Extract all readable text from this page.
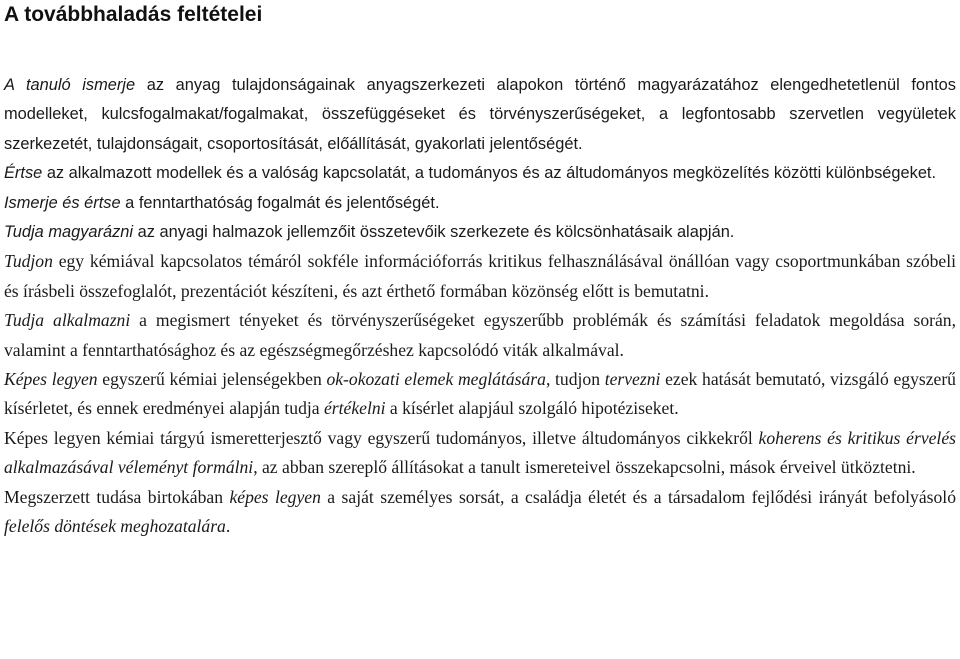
A továbbhaladás feltételei

A tanuló ismerje az anyag tulajdonságainak anyagszerkezeti alapokon történő magyarázatához elengedhetetlenül fontos modelleket, kulcsfogalmakat/fogalmakat, összefüggéseket és törvényszerűségeket, a legfontosabb szervetlen vegyületek szerkezetét, tulajdonságait, csoportosítását, előállítását, gyakorlati jelentőségét.

Értse az alkalmazott modellek és a valóság kapcsolatát, a tudományos és az áltudományos megközelítés közötti különbségeket.

Ismerje és értse a fenntarthatóság fogalmát és jelentőségét.

Tudja magyarázni az anyagi halmazok jellemzőit összetevőik szerkezete és kölcsönhatásaik alapján.

Tudjon egy kémiával kapcsolatos témáról sokféle információforrás kritikus felhasználásával önállóan vagy csoportmunkában szóbeli és írásbeli összefoglalót, prezentációt készíteni, és azt érthető formában közönség előtt is bemutatni.

Tudja alkalmazni a megismert tényeket és törvényszerűségeket egyszerűbb problémák és számítási feladatok megoldása során, valamint a fenntarthatósághoz és az egészségmegőrzéshez kapcsolódó viták alkalmával.

Képes legyen egyszerű kémiai jelenségekben ok-okozati elemek meglátására, tudjon tervezni ezek hatását bemutató, vizsgáló egyszerű kísérletet, és ennek eredményei alapján tudja értékelni a kísérlet alapjául szolgáló hipotéziseket.

Képes legyen kémiai tárgyú ismeretterjesztő vagy egyszerű tudományos, illetve áltudományos cikkekről koherens és kritikus érvelés alkalmazásával véleményt formálni, az abban szereplő állításokat a tanult ismereteivel összekapcsolni, mások érveivel ütköztetni.

Megszerzett tudása birtokában képes legyen a saját személyes sorsát, a családja életét és a társadalom fejlődési irányát befolyásoló felelős döntések meghozatalára.
